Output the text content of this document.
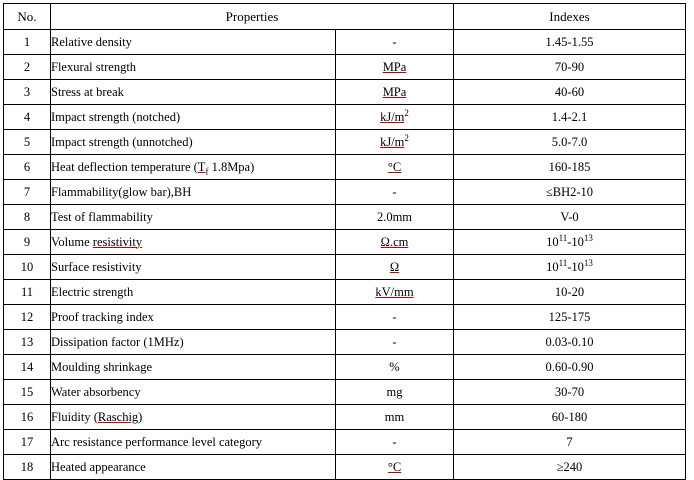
No.	Properties		Indexes
1	Relative density	-	1.45-1.55
2	Flexural strength	MPa	70-90
3	Stress at break	MPa	40-60
4	Impact strength (notched)	$kJ/m^2$	1.4-2.1
5	Impact strength (unnotched)	$kJ/m^2$	5.0-7.0
6	Heat deflection temperature ($T_f$ 1.8Mpa)	°C	160-185
7	Flammability(glow bar),BH	-	≤BH2-10
8	Test of flammability	2.0mm	V-0
9	Volume resistivity	Ω.cm	$10^{11}-10^{13}$
10	Surface resistivity	Ω	$10^{11}-10^{13}$
11	Electric strength	kV/mm	10-20
12	Proof tracking index	-	125-175
13	Dissipation factor (1MHz)	-	0.03-0.10
14	Moulding shrinkage	%	0.60-0.90
15	Water absorbency	mg	30-70
16	Fluidity (Raschig)	mm	60-180
17	Arc resistance performance level category	-	7
18	Heated appearance	°C	≥240
